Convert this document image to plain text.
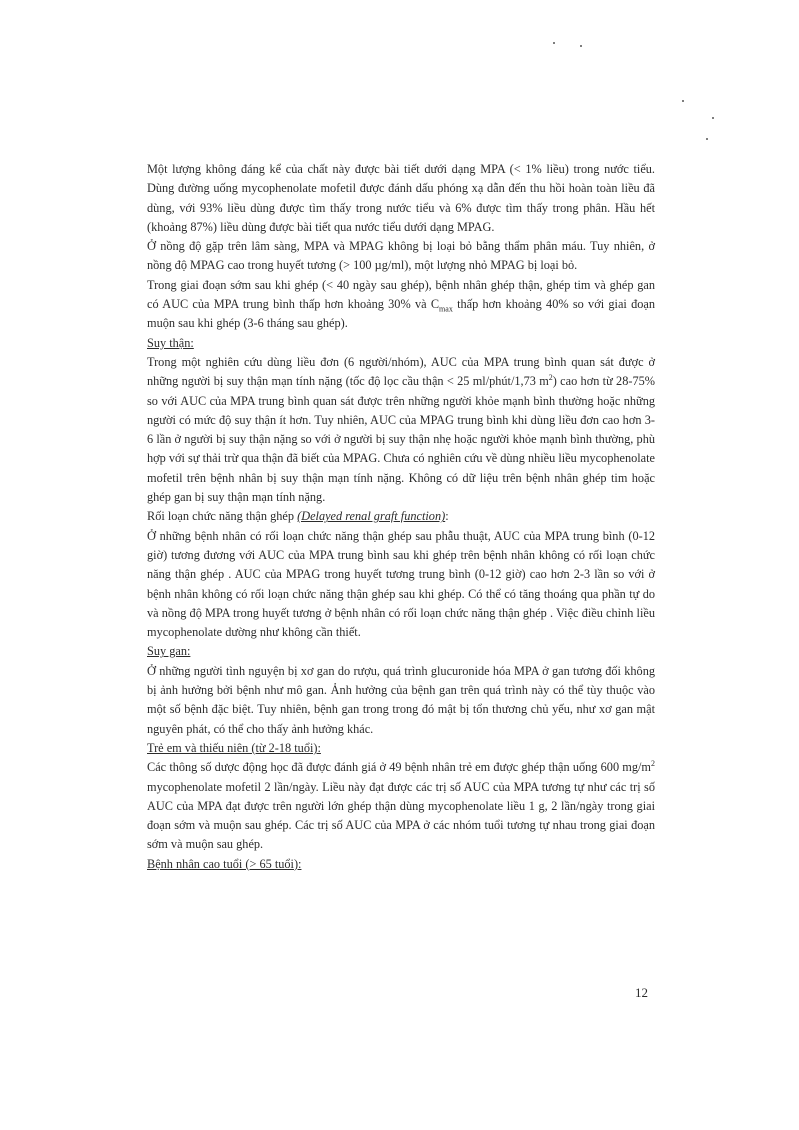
Một lượng không đáng kể của chất này được bài tiết dưới dạng MPA (< 1% liều) trong nước tiểu. Dùng đường uống mycophenolate mofetil được đánh dấu phóng xạ dẫn đến thu hồi hoàn toàn liều đã dùng, với 93% liều dùng được tìm thấy trong nước tiểu và 6% được tìm thấy trong phân. Hầu hết (khoảng 87%) liều dùng được bài tiết qua nước tiểu dưới dạng MPAG.

Ở nồng độ gặp trên lâm sàng, MPA và MPAG không bị loại bỏ bằng thẩm phân máu. Tuy nhiên, ở nồng độ MPAG cao trong huyết tương (> 100 µg/ml), một lượng nhỏ MPAG bị loại bỏ.

Trong giai đoạn sớm sau khi ghép (< 40 ngày sau ghép), bệnh nhân ghép thận, ghép tim và ghép gan có AUC của MPA trung bình thấp hơn khoảng 30% và $C_{max}$ thấp hơn khoảng 40% so với giai đoạn muộn sau khi ghép (3-6 tháng sau ghép).

Suy thận:

Trong một nghiên cứu dùng liều đơn (6 người/nhóm), AUC của MPA trung bình quan sát được ở những người bị suy thận mạn tính nặng (tốc độ lọc cầu thận < 25 ml/phút/1,73 $m^2$) cao hơn từ 28-75% so với AUC của MPA trung bình quan sát được trên những người khỏe mạnh bình thường hoặc những người có mức độ suy thận ít hơn. Tuy nhiên, AUC của MPAG trung bình khi dùng liều đơn cao hơn 3-6 lần ở người bị suy thận nặng so với ở người bị suy thận nhẹ hoặc người khỏe mạnh bình thường, phù hợp với sự thải trừ qua thận đã biết của MPAG. Chưa có nghiên cứu về dùng nhiều liều mycophenolate mofetil trên bệnh nhân bị suy thận mạn tính nặng. Không có dữ liệu trên bệnh nhân ghép tim hoặc ghép gan bị suy thận mạn tính nặng.

Rối loạn chức năng thận ghép (Delayed renal graft function):

Ở những bệnh nhân có rối loạn chức năng thận ghép sau phẫu thuật, AUC của MPA trung bình (0-12 giờ) tương đương với AUC của MPA trung bình sau khi ghép trên bệnh nhân không có rối loạn chức năng thận ghép . AUC của MPAG trong huyết tương trung bình (0-12 giờ) cao hơn 2-3 lần so với ở bệnh nhân không có rối loạn chức năng thận ghép sau khi ghép. Có thể có tăng thoáng qua phần tự do và nồng độ MPA trong huyết tương ở bệnh nhân có rối loạn chức năng thận ghép . Việc điều chỉnh liều mycophenolate dường như không cần thiết.

Suy gan:

Ở những người tình nguyện bị xơ gan do rượu, quá trình glucuronide hóa MPA ở gan tương đối không bị ảnh hưởng bởi bệnh như mô gan. Ảnh hưởng của bệnh gan trên quá trình này có thể tùy thuộc vào một số bệnh đặc biệt. Tuy nhiên, bệnh gan trong trong đó mật bị tổn thương chủ yếu, như xơ gan mật nguyên phát, có thể cho thấy ảnh hưởng khác.

Trẻ em và thiếu niên (từ 2-18 tuổi):

Các thông số dược động học đã được đánh giá ở 49 bệnh nhân trẻ em được ghép thận uống 600 $mg/m^2$ mycophenolate mofetil 2 lần/ngày. Liều này đạt được các trị số AUC của MPA tương tự như các trị số AUC của MPA đạt được trên người lớn ghép thận dùng mycophenolate liều 1 g, 2 lần/ngày trong giai đoạn sớm và muộn sau ghép. Các trị số AUC của MPA ở các nhóm tuổi tương tự nhau trong giai đoạn sớm và muộn sau ghép.

Bệnh nhân cao tuổi (> 65 tuổi):

12
